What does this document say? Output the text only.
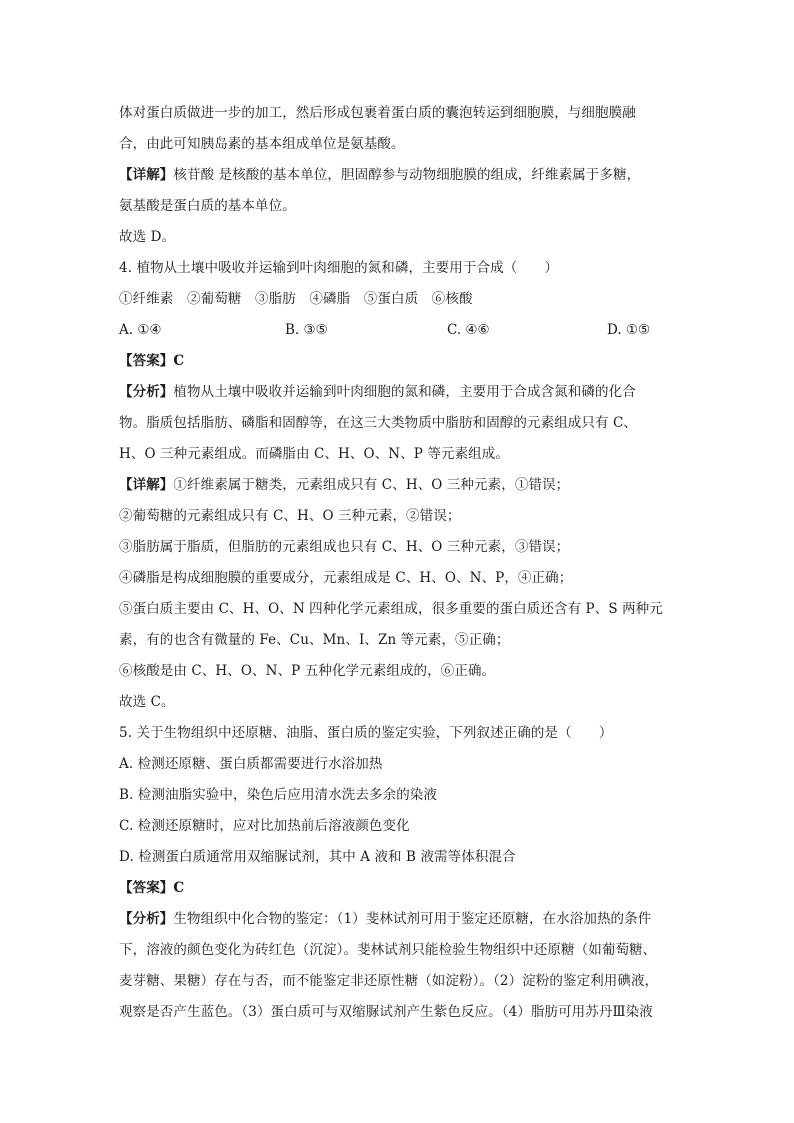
体对蛋白质做进一步的加工，然后形成包裹着蛋白质的囊泡转运到细胞膜，与细胞膜融
合，由此可知胰岛素的基本组成单位是氨基酸。
【详解】核苷酸 是核酸的基本单位，胆固醇参与动物细胞膜的组成，纤维素属于多糖，
氨基酸是蛋白质的基本单位。
故选 D。
4. 植物从土壤中吸收并运输到叶肉细胞的氮和磷，主要用于合成（　　）
①纤维素　②葡萄糖　③脂肪　④磷脂　⑤蛋白质　⑥核酸
A. ①④	B. ③⑤	C. ④⑥	D. ①⑤
【答案】C
【分析】植物从土壤中吸收并运输到叶肉细胞的氮和磷，主要用于合成含氮和磷的化合
物。脂质包括脂肪、磷脂和固醇等，在这三大类物质中脂肪和固醇的元素组成只有 C、
H、O 三种元素组成。而磷脂由 C、H、O、N、P 等元素组成。
【详解】①纤维素属于糖类，元素组成只有 C、H、O 三种元素，①错误；
②葡萄糖的元素组成只有 C、H、O 三种元素，②错误；
③脂肪属于脂质，但脂肪的元素组成也只有 C、H、O 三种元素，③错误；
④磷脂是构成细胞膜的重要成分，元素组成是 C、H、O、N、P，④正确；
⑤蛋白质主要由 C、H、O、N 四种化学元素组成，很多重要的蛋白质还含有 P、S 两种元
素，有的也含有微量的 Fe、Cu、Mn、I、Zn 等元素，⑤正确；
⑥核酸是由 C、H、O、N、P 五种化学元素组成的，⑥正确。
故选 C。
5. 关于生物组织中还原糖、油脂、蛋白质的鉴定实验，下列叙述正确的是（　　）
A. 检测还原糖、蛋白质都需要进行水浴加热
B. 检测油脂实验中，染色后应用清水洗去多余的染液
C. 检测还原糖时，应对比加热前后溶液颜色变化
D. 检测蛋白质通常用双缩脲试剂，其中 A 液和 B 液需等体积混合
【答案】C
【分析】生物组织中化合物的鉴定：（1）斐林试剂可用于鉴定还原糖，在水浴加热的条件
下，溶液的颜色变化为砖红色（沉淀）。斐林试剂只能检验生物组织中还原糖（如葡萄糖、
麦芽糖、果糖）存在与否，而不能鉴定非还原性糖（如淀粉）。（2）淀粉的鉴定利用碘液，
观察是否产生蓝色。（3）蛋白质可与双缩脲试剂产生紫色反应。（4）脂肪可用苏丹Ⅲ染液
